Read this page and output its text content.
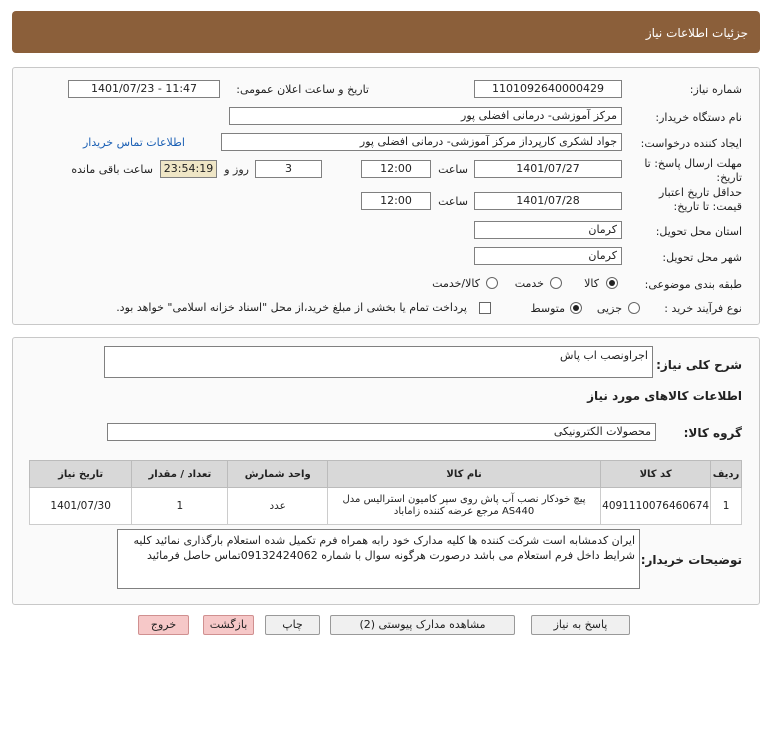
جزئیات اطلاعات نیاز
شماره نیاز:
1101092640000429
تاریخ و ساعت اعلان عمومی:
1401/07/23 - 11:47
نام دستگاه خریدار:
مرکز آموزشی- درمانی افضلی پور
ایجاد کننده درخواست:
جواد لشکری کارپرداز مرکز آموزشی- درمانی افضلی پور
اطلاعات تماس خریدار
مهلت ارسال پاسخ: تا تاریخ:
1401/07/27
ساعت
12:00
3
روز و
23:54:19
ساعت باقی مانده
حداقل تاریخ اعتبار قیمت: تا تاریخ:
1401/07/28
ساعت
12:00
استان محل تحویل:
کرمان
شهر محل تحویل:
کرمان
طبقه بندی موضوعی:
کالا
خدمت
کالا/خدمت
نوع فرآیند خرید :
جزیی
متوسط
پرداخت تمام یا بخشی از مبلغ خرید،از محل "اسناد خزانه اسلامی" خواهد بود.
شرح کلی نیاز:
اجراونصب اب پاش
اطلاعات کالاهای مورد نیاز
گروه کالا:
محصولات الکترونیکی
ردیف	کد کالا	نام کالا	واحد شمارش	تعداد / مقدار	تاریخ نیاز
1	4091110076460674	پیچ خودکار نصب آب پاش روی سپر کامیون استرالیس مدل AS440 مرجع عرضه کننده زاماباد	عدد	1	1401/07/30
توضیحات خریدار:
ایران کدمشابه است شرکت کننده ها کلیه مدارک خود رابه همراه فرم تکمیل شده استعلام بارگذاری نمائید کلیه شرایط داخل فرم استعلام می باشد درصورت هرگونه سوال با شماره 09132424062تماس حاصل فرمائید
پاسخ به نیاز
مشاهده مدارک پیوستی (2)
چاپ
بازگشت
خروج
